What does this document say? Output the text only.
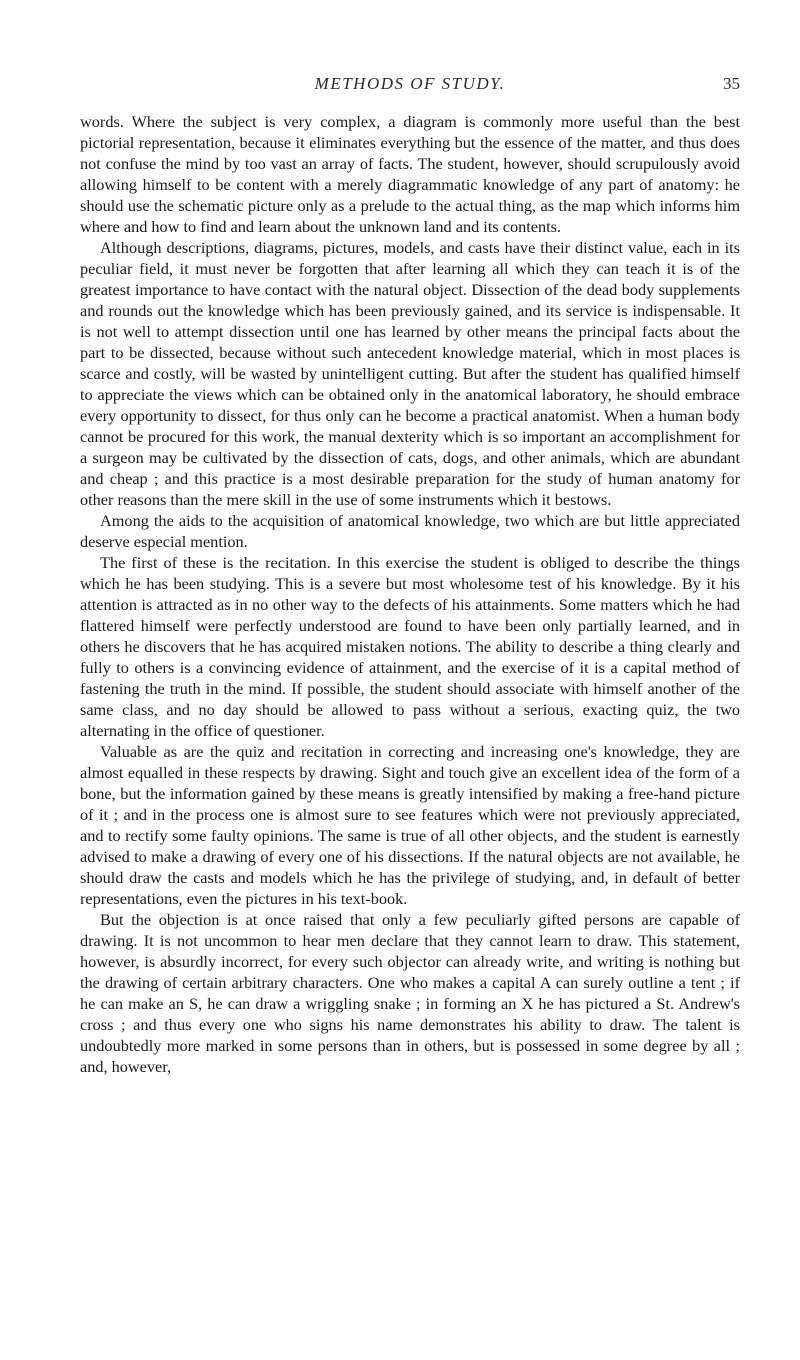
METHODS OF STUDY.	35

words. Where the subject is very complex, a diagram is commonly more useful than the best pictorial representation, because it eliminates everything but the essence of the matter, and thus does not confuse the mind by too vast an array of facts. The student, however, should scrupulously avoid allowing himself to be content with a merely diagrammatic knowledge of any part of anatomy: he should use the schematic picture only as a prelude to the actual thing, as the map which informs him where and how to find and learn about the unknown land and its contents.

Although descriptions, diagrams, pictures, models, and casts have their distinct value, each in its peculiar field, it must never be forgotten that after learning all which they can teach it is of the greatest importance to have contact with the natural object. Dissection of the dead body supplements and rounds out the knowledge which has been previously gained, and its service is indispensable. It is not well to attempt dissection until one has learned by other means the principal facts about the part to be dissected, because without such antecedent knowledge material, which in most places is scarce and costly, will be wasted by unintelligent cutting. But after the student has qualified himself to appreciate the views which can be obtained only in the anatomical laboratory, he should embrace every opportunity to dissect, for thus only can he become a practical anatomist. When a human body cannot be procured for this work, the manual dexterity which is so important an accomplishment for a surgeon may be cultivated by the dissection of cats, dogs, and other animals, which are abundant and cheap ; and this practice is a most desirable preparation for the study of human anatomy for other reasons than the mere skill in the use of some instruments which it bestows.

Among the aids to the acquisition of anatomical knowledge, two which are but little appreciated deserve especial mention.

The first of these is the recitation. In this exercise the student is obliged to describe the things which he has been studying. This is a severe but most wholesome test of his knowledge. By it his attention is attracted as in no other way to the defects of his attainments. Some matters which he had flattered himself were perfectly understood are found to have been only partially learned, and in others he discovers that he has acquired mistaken notions. The ability to describe a thing clearly and fully to others is a convincing evidence of attainment, and the exercise of it is a capital method of fastening the truth in the mind. If possible, the student should associate with himself another of the same class, and no day should be allowed to pass without a serious, exacting quiz, the two alternating in the office of questioner.

Valuable as are the quiz and recitation in correcting and increasing one's knowledge, they are almost equalled in these respects by drawing. Sight and touch give an excellent idea of the form of a bone, but the information gained by these means is greatly intensified by making a free-hand picture of it ; and in the process one is almost sure to see features which were not previously appreciated, and to rectify some faulty opinions. The same is true of all other objects, and the student is earnestly advised to make a drawing of every one of his dissections. If the natural objects are not available, he should draw the casts and models which he has the privilege of studying, and, in default of better representations, even the pictures in his text-book.

But the objection is at once raised that only a few peculiarly gifted persons are capable of drawing. It is not uncommon to hear men declare that they cannot learn to draw. This statement, however, is absurdly incorrect, for every such objector can already write, and writing is nothing but the drawing of certain arbitrary characters. One who makes a capital A can surely outline a tent ; if he can make an S, he can draw a wriggling snake ; in forming an X he has pictured a St. Andrew's cross ; and thus every one who signs his name demonstrates his ability to draw. The talent is undoubtedly more marked in some persons than in others, but is possessed in some degree by all ; and, however,
